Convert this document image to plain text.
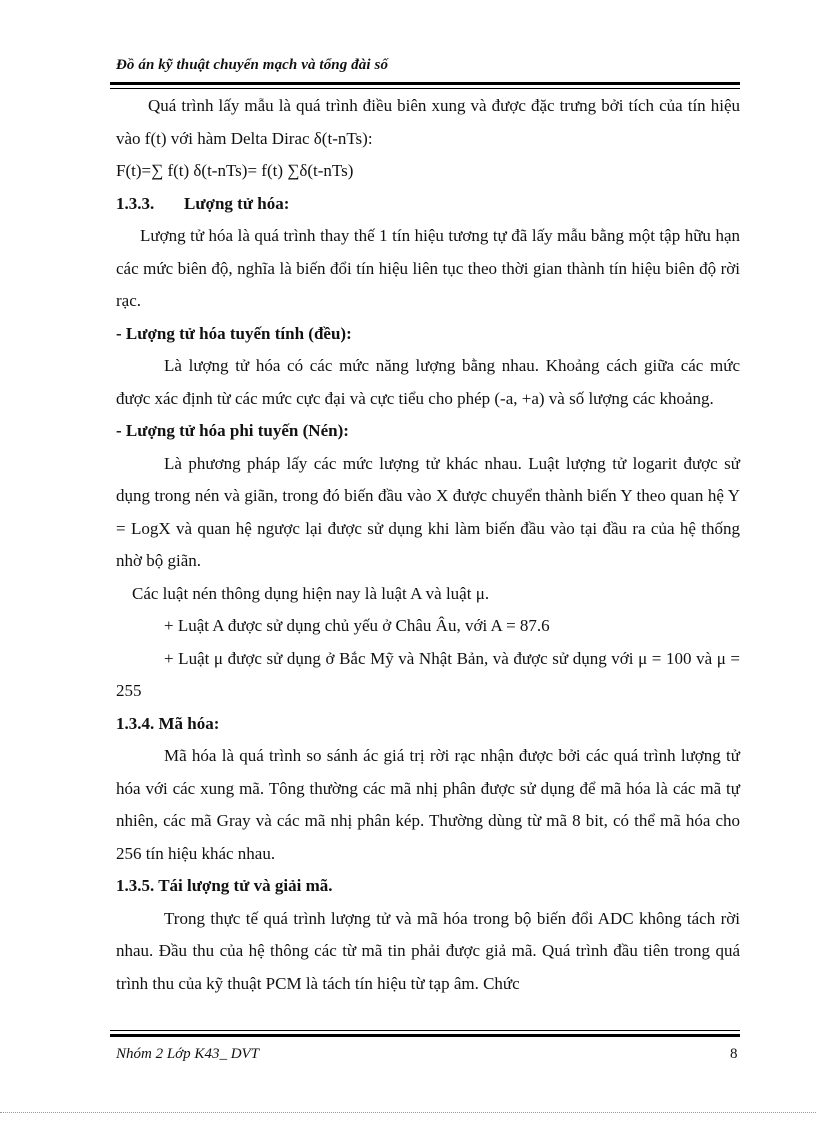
Đồ án kỹ thuật chuyển mạch và tổng đài số

Quá trình lấy mẫu là quá trình điều biên xung và được đặc trưng bởi tích của tín hiệu vào f(t) với hàm Delta Dirac δ(t-nTs):

F(t)=∑ f(t) δ(t-nTs)= f(t) ∑δ(t-nTs)

1.3.3. Lượng tử hóa:

Lượng tử hóa là quá trình thay thế 1 tín hiệu tương tự đã lấy mẫu bằng một tập hữu hạn các mức biên độ, nghĩa là biến đổi tín hiệu liên tục theo thời gian thành tín hiệu biên độ rời rạc.

- Lượng tử hóa tuyến tính (đều):

Là lượng tử hóa có các mức năng lượng bằng nhau. Khoảng cách giữa các mức được xác định từ các mức cực đại và cực tiểu cho phép (-a, +a) và số lượng các khoảng.

- Lượng tử hóa phi tuyến (Nén):

Là phương pháp lấy các mức lượng tử khác nhau. Luật lượng tử logarit được sử dụng trong nén và giãn, trong đó biến đầu vào X được chuyển thành biến Y theo quan hệ Y = LogX và quan hệ ngược lại được sử dụng khi làm biến đầu vào tại đầu ra của hệ thống nhờ bộ giãn.

Các luật nén thông dụng hiện nay là luật A và luật μ.

+ Luật A được sử dụng chủ yếu ở Châu Âu, với A = 87.6

+ Luật μ được sử dụng ở Bắc Mỹ và Nhật Bản, và được sử dụng với μ = 100 và μ = 255

1.3.4. Mã hóa:

Mã hóa là quá trình so sánh ác giá trị rời rạc nhận được bởi các quá trình lượng tử hóa với các xung mã. Tông thường các mã nhị phân được sử dụng để mã hóa là các mã tự nhiên, các mã Gray và các mã nhị phân kép. Thường dùng từ mã 8 bit, có thể mã hóa cho 256 tín hiệu khác nhau.

1.3.5. Tái lượng tử và giải mã.

Trong thực tế quá trình lượng tử và mã hóa trong bộ biến đổi ADC không tách rời nhau. Đầu thu của hệ thông các từ mã tin phải được giả mã. Quá trình đầu tiên trong quá trình thu của kỹ thuật PCM là tách tín hiệu từ tạp âm. Chức

Nhóm 2 Lớp K43_ DVT	8
